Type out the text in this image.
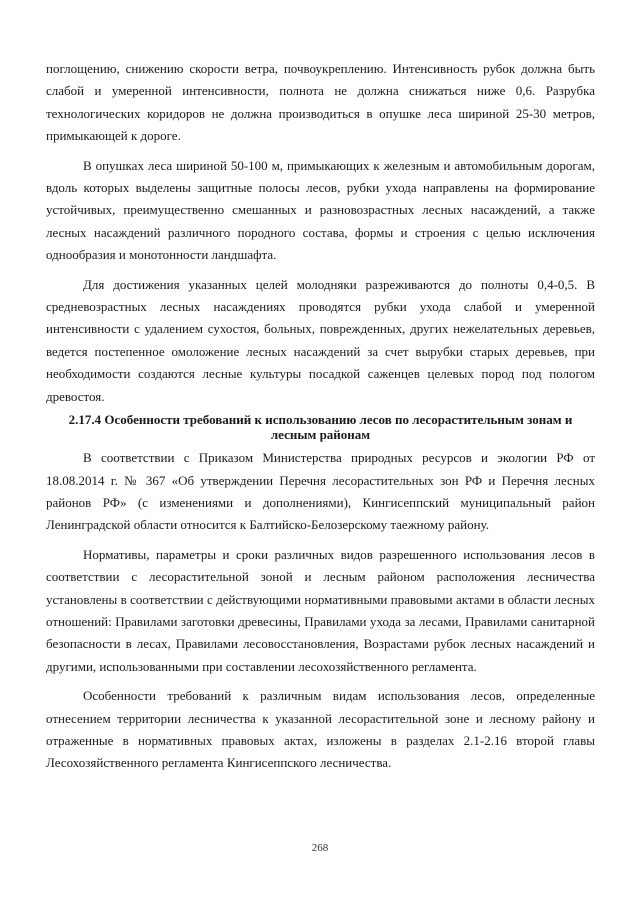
поглощению, снижению скорости ветра, почвоукреплению. Интенсивность рубок должна быть слабой и умеренной интенсивности, полнота не должна снижаться ниже 0,6. Разрубка технологических коридоров не должна производиться в опушке леса шириной 25-30 метров, примыкающей к дороге.

В опушках леса шириной 50-100 м, примыкающих к железным и автомобильным дорогам, вдоль которых выделены защитные полосы лесов, рубки ухода направлены на формирование устойчивых, преимущественно смешанных и разновозрастных лесных насаждений, а также лесных насаждений различного породного состава, формы и строения с целью исключения однообразия и монотонности ландшафта.

Для достижения указанных целей молодняки разреживаются до полноты 0,4-0,5. В средневозрастных лесных насаждениях проводятся рубки ухода слабой и умеренной интенсивности с удалением сухостоя, больных, поврежденных, других нежелательных деревьев, ведется постепенное омоложение лесных насаждений за счет вырубки старых деревьев, при необходимости создаются лесные культуры посадкой саженцев целевых пород под пологом древостоя.

2.17.4 Особенности требований к использованию лесов по лесорастительным зонам и лесным районам

В соответствии с Приказом Министерства природных ресурсов и экологии РФ от 18.08.2014 г. № 367 «Об утверждении Перечня лесорастительных зон РФ и Перечня лесных районов РФ» (с изменениями и дополнениями), Кингисеппский муниципальный район Ленинградской области относится к Балтийско-Белозерскому таежному району.

Нормативы, параметры и сроки различных видов разрешенного использования лесов в соответствии с лесорастительной зоной и лесным районом расположения лесничества установлены в соответствии с действующими нормативными правовыми актами в области лесных отношений: Правилами заготовки древесины, Правилами ухода за лесами, Правилами санитарной безопасности в лесах, Правилами лесовосстановления, Возрастами рубок лесных насаждений и другими, использованными при составлении лесохозяйственного регламента.

Особенности требований к различным видам использования лесов, определенные отнесением территории лесничества к указанной лесорастительной зоне и лесному району и отраженные в нормативных правовых актах, изложены в разделах 2.1-2.16 второй главы Лесохозяйственного регламента Кингисеппского лесничества.

268
